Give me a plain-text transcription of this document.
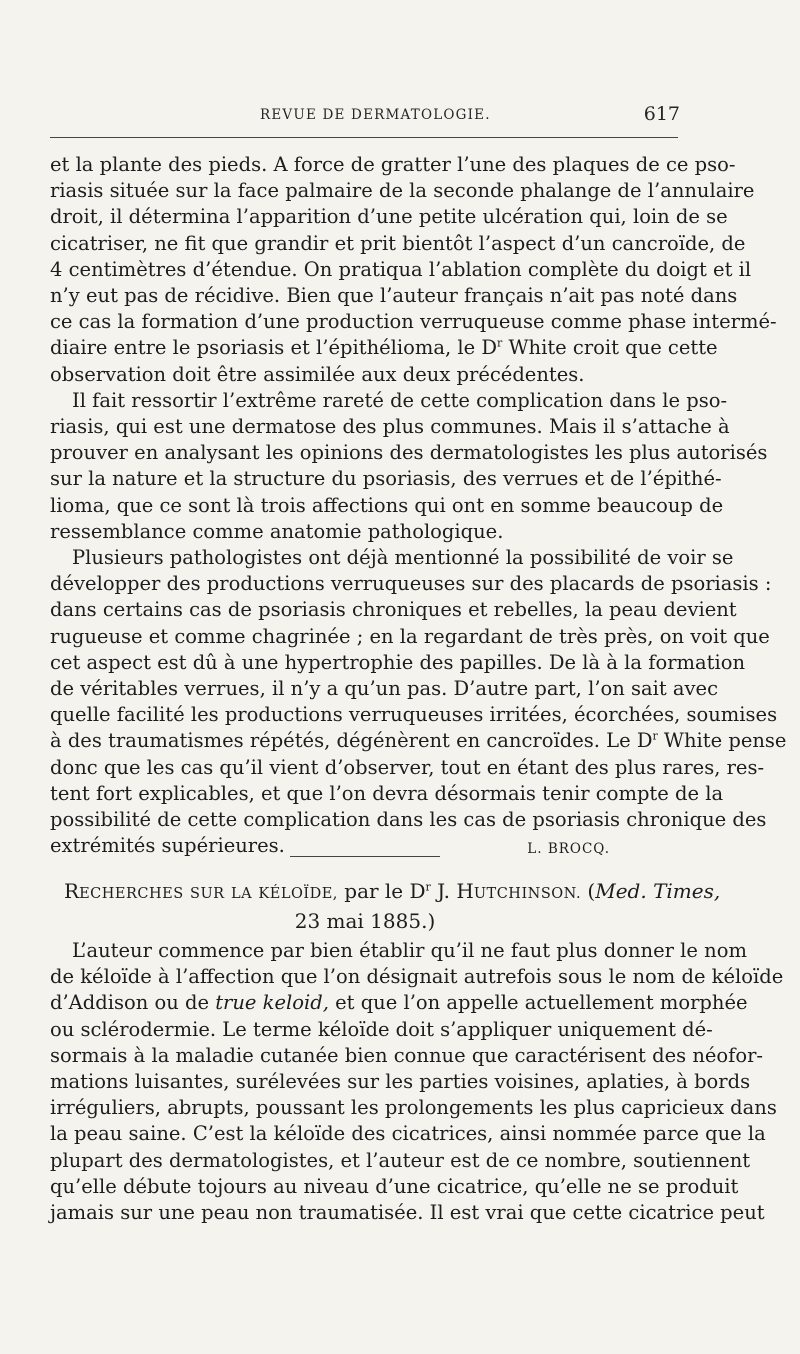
REVUE DE DERMATOLOGIE.	617
et la plante des pieds. A force de gratter l’une des plaques de ce pso-
riasis située sur la face palmaire de la seconde phalange de l’annulaire
droit, il détermina l’apparition d’une petite ulcération qui, loin de se
cicatriser, ne fit que grandir et prit bientôt l’aspect d’un cancroïde, de
4 centimètres d’étendue. On pratiqua l’ablation complète du doigt et il
n’y eut pas de récidive. Bien que l’auteur français n’ait pas noté dans
ce cas la formation d’une production verruqueuse comme phase intermé-
diaire entre le psoriasis et l’épithélioma, le $D^r$ White croit que cette
observation doit être assimilée aux deux précédentes.
Il fait ressortir l’extrême rareté de cette complication dans le pso-
riasis, qui est une dermatose des plus communes. Mais il s’attache à
prouver en analysant les opinions des dermatologistes les plus autorisés
sur la nature et la structure du psoriasis, des verrues et de l’épithé-
lioma, que ce sont là trois affections qui ont en somme beaucoup de
ressemblance comme anatomie pathologique.
Plusieurs pathologistes ont déjà mentionné la possibilité de voir se
développer des productions verruqueuses sur des placards de psoriasis :
dans certains cas de psoriasis chroniques et rebelles, la peau devient
rugueuse et comme chagrinée ; en la regardant de très près, on voit que
cet aspect est dû à une hypertrophie des papilles. De là à la formation
de véritables verrues, il n’y a qu’un pas. D’autre part, l’on sait avec
quelle facilité les productions verruqueuses irritées, écorchées, soumises
à des traumatismes répétés, dégénèrent en cancroïdes. Le $D^r$ White pense
donc que les cas qu’il vient d’observer, tout en étant des plus rares, res-
tent fort explicables, et que l’on devra désormais tenir compte de la
possibilité de cette complication dans les cas de psoriasis chronique des
extrémités supérieures.	L. BROCQ.
RECHERCHES SUR LA KÉLOÏDE, par le $D^r$ J. HUTCHINSON. (Med. Times,
23 mai 1885.)
L’auteur commence par bien établir qu’il ne faut plus donner le nom
de kéloïde à l’affection que l’on désignait autrefois sous le nom de kéloïde
d’Addison ou de true keloid, et que l’on appelle actuellement morphée
ou sclérodermie. Le terme kéloïde doit s’appliquer uniquement dé-
sormais à la maladie cutanée bien connue que caractérisent des néofor-
mations luisantes, surélevées sur les parties voisines, aplaties, à bords
irréguliers, abrupts, poussant les prolongements les plus capricieux dans
la peau saine. C’est la kéloïde des cicatrices, ainsi nommée parce que la
plupart des dermatologistes, et l’auteur est de ce nombre, soutiennent
qu’elle débute tojours au niveau d’une cicatrice, qu’elle ne se produit
jamais sur une peau non traumatisée. Il est vrai que cette cicatrice peut
